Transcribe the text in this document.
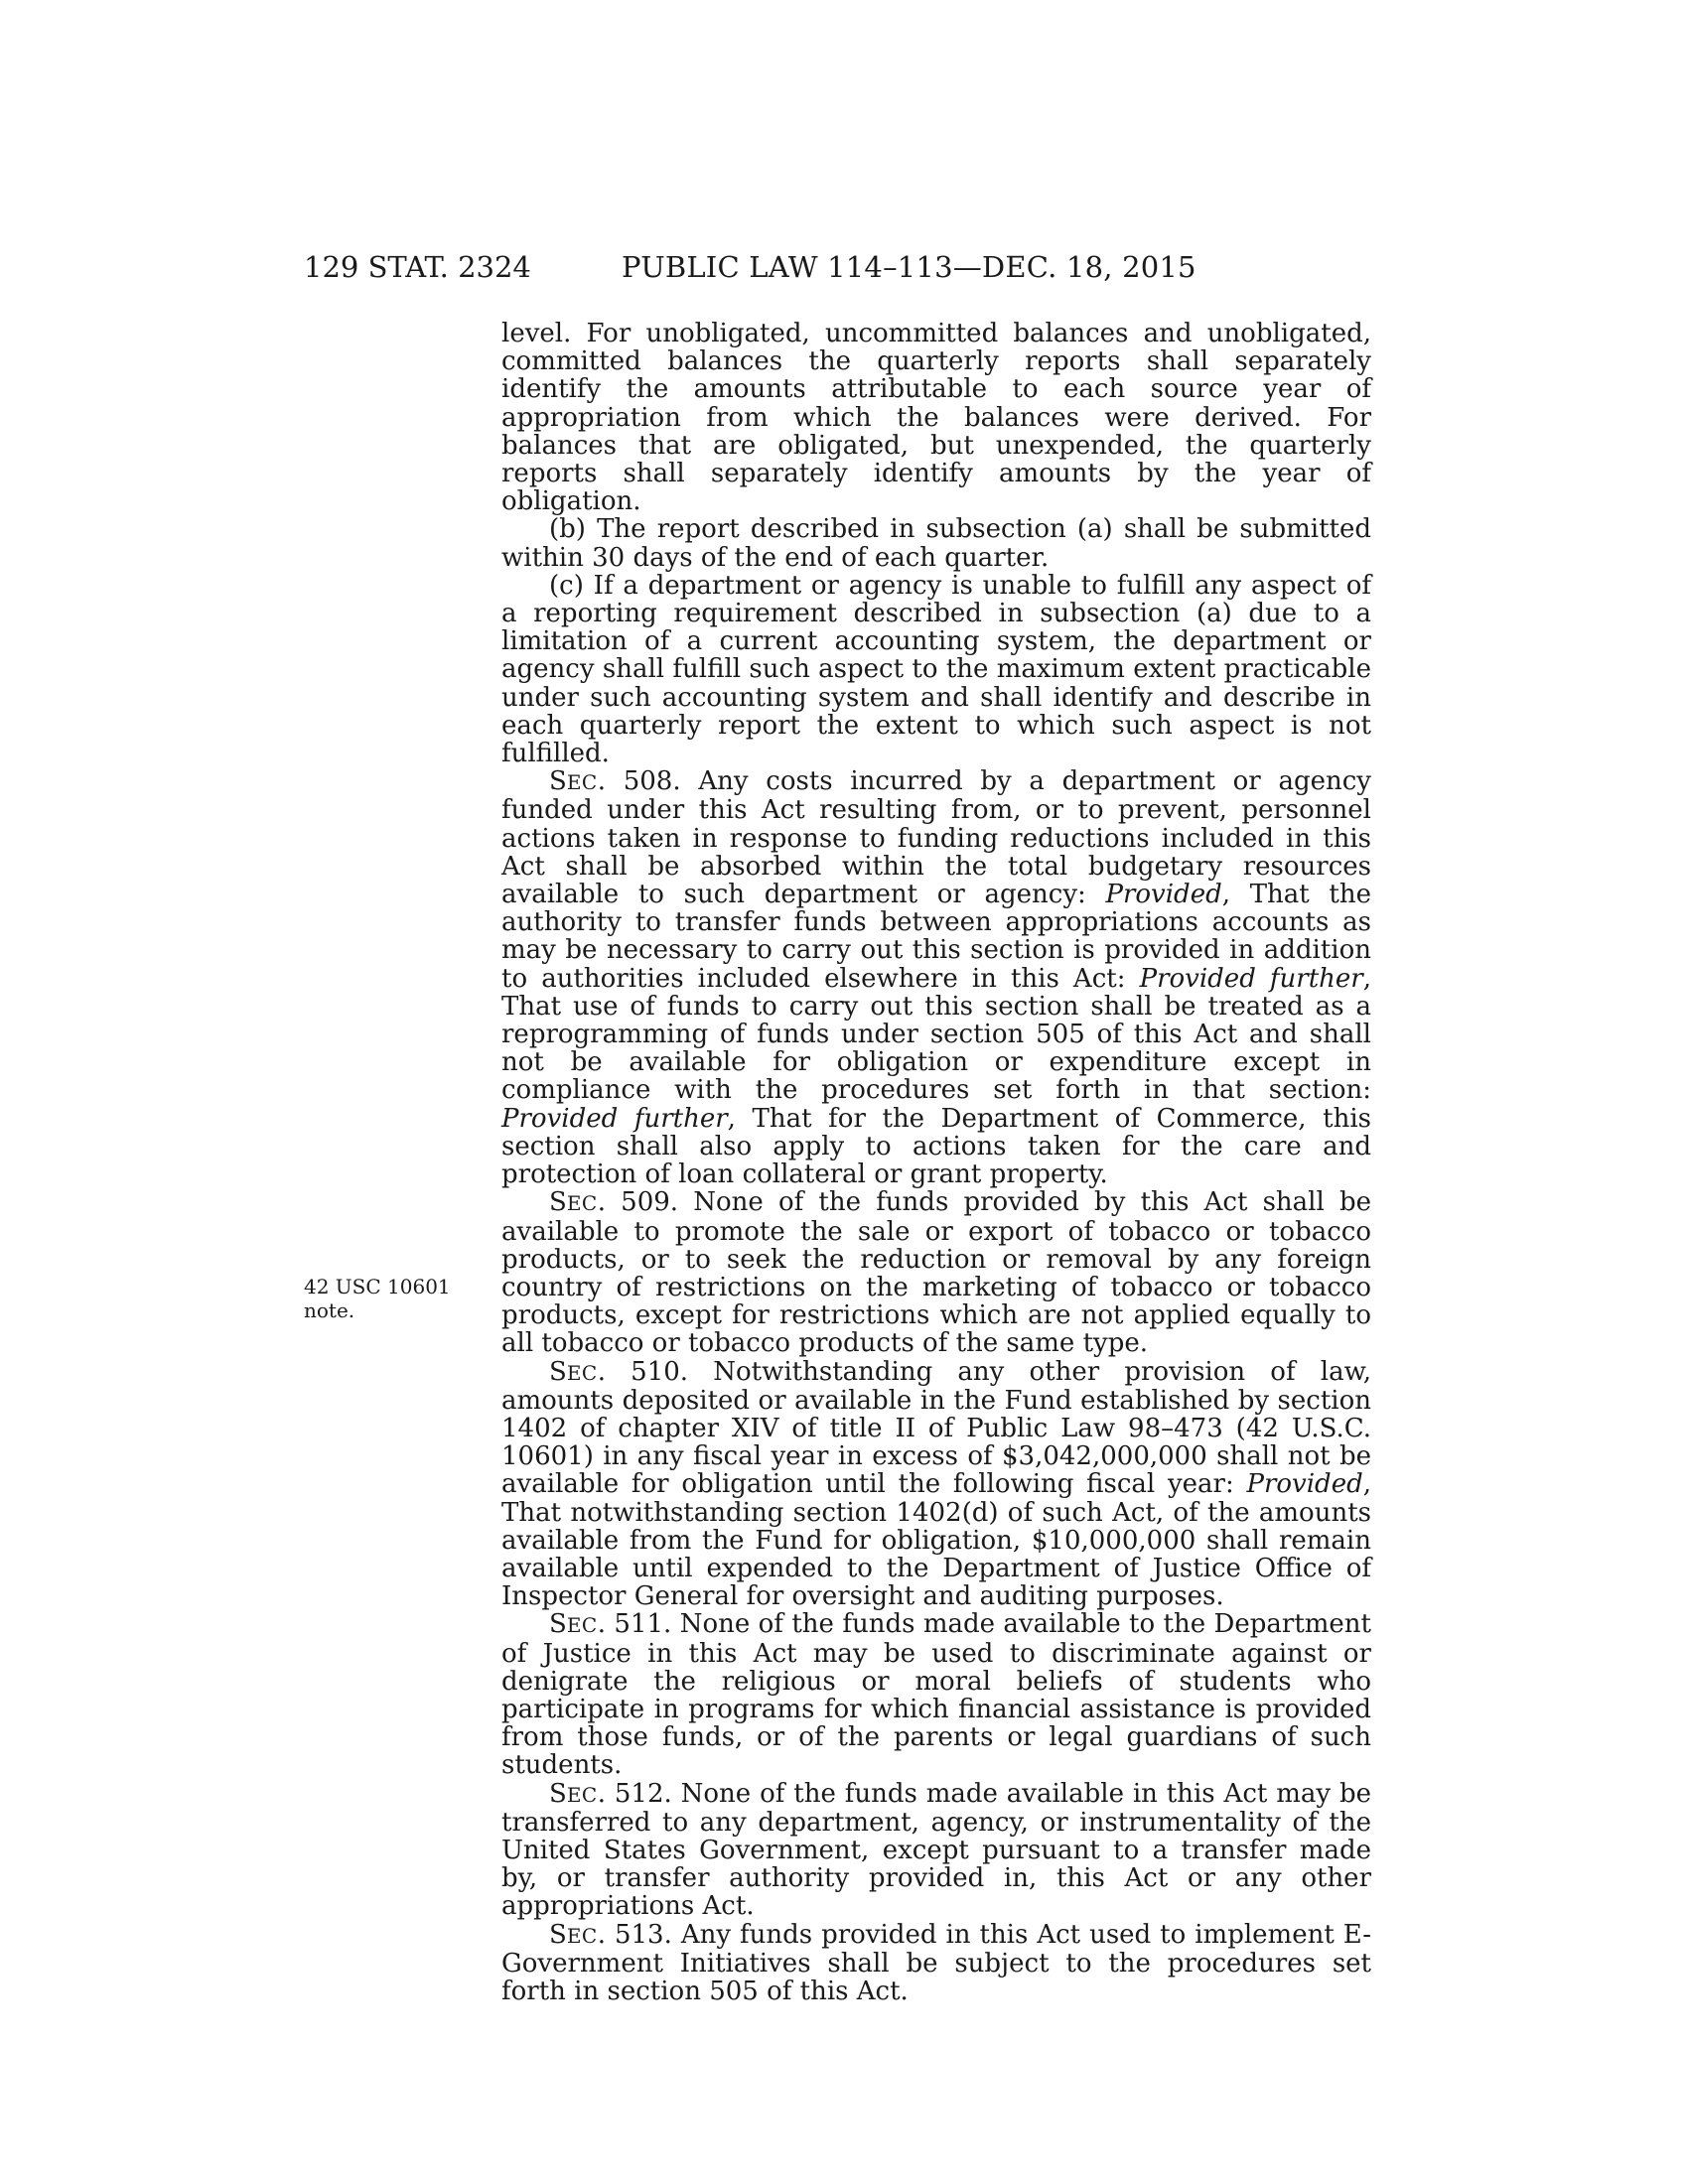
129 STAT. 2324	PUBLIC LAW 114–113—DEC. 18, 2015
42 USC 10601
note.

level. For unobligated, uncommitted balances and unobligated, committed balances the quarterly reports shall separately identify the amounts attributable to each source year of appropriation from which the balances were derived. For balances that are obligated, but unexpended, the quarterly reports shall separately identify amounts by the year of obligation.

(b) The report described in subsection (a) shall be submitted within 30 days of the end of each quarter.

(c) If a department or agency is unable to fulfill any aspect of a reporting requirement described in subsection (a) due to a limitation of a current accounting system, the department or agency shall fulfill such aspect to the maximum extent practicable under such accounting system and shall identify and describe in each quarterly report the extent to which such aspect is not fulfilled.

SEC. 508. Any costs incurred by a department or agency funded under this Act resulting from, or to prevent, personnel actions taken in response to funding reductions included in this Act shall be absorbed within the total budgetary resources available to such department or agency: Provided, That the authority to transfer funds between appropriations accounts as may be necessary to carry out this section is provided in addition to authorities included elsewhere in this Act: Provided further, That use of funds to carry out this section shall be treated as a reprogramming of funds under section 505 of this Act and shall not be available for obligation or expenditure except in compliance with the procedures set forth in that section: Provided further, That for the Department of Commerce, this section shall also apply to actions taken for the care and protection of loan collateral or grant property.

SEC. 509. None of the funds provided by this Act shall be available to promote the sale or export of tobacco or tobacco products, or to seek the reduction or removal by any foreign country of restrictions on the marketing of tobacco or tobacco products, except for restrictions which are not applied equally to all tobacco or tobacco products of the same type.

SEC. 510. Notwithstanding any other provision of law, amounts deposited or available in the Fund established by section 1402 of chapter XIV of title II of Public Law 98–473 (42 U.S.C. 10601) in any fiscal year in excess of $3,042,000,000 shall not be available for obligation until the following fiscal year: Provided, That notwithstanding section 1402(d) of such Act, of the amounts available from the Fund for obligation, $10,000,000 shall remain available until expended to the Department of Justice Office of Inspector General for oversight and auditing purposes.

SEC. 511. None of the funds made available to the Department of Justice in this Act may be used to discriminate against or denigrate the religious or moral beliefs of students who participate in programs for which financial assistance is provided from those funds, or of the parents or legal guardians of such students.

SEC. 512. None of the funds made available in this Act may be transferred to any department, agency, or instrumentality of the United States Government, except pursuant to a transfer made by, or transfer authority provided in, this Act or any other appropriations Act.

SEC. 513. Any funds provided in this Act used to implement E-Government Initiatives shall be subject to the procedures set forth in section 505 of this Act.
